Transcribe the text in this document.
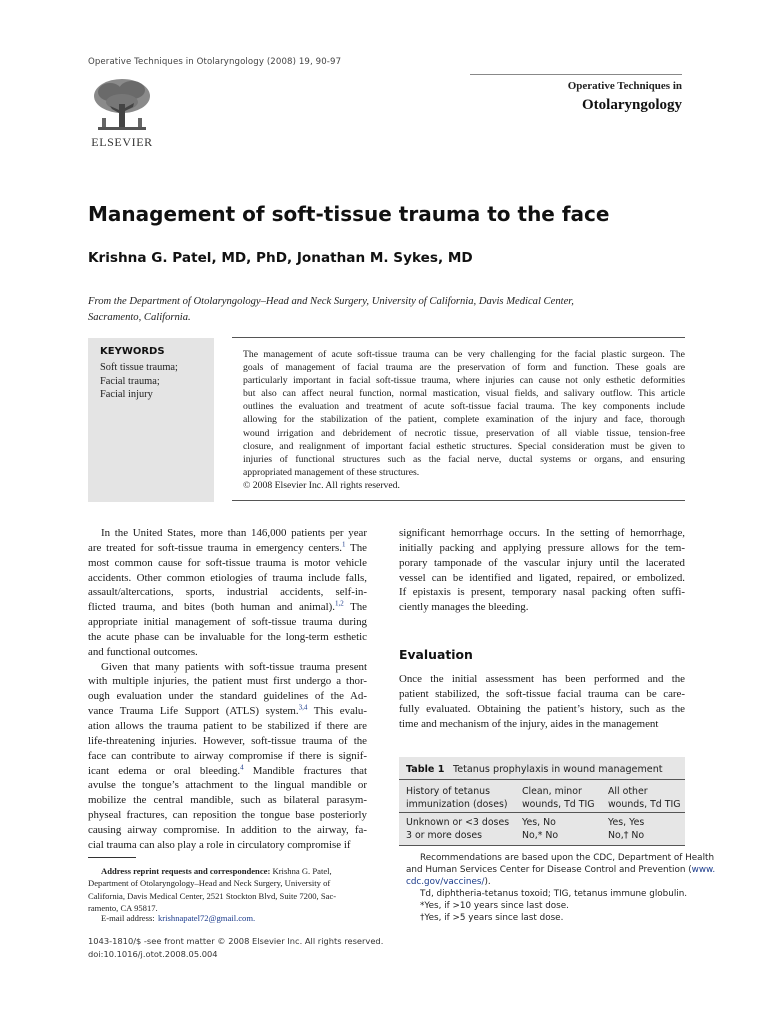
Operative Techniques in Otolaryngology (2008) 19, 90-97
ELSEVIER
Operative Techniques in
Otolaryngology
Management of soft-tissue trauma to the face
Krishna G. Patel, MD, PhD, Jonathan M. Sykes, MD
From the Department of Otolaryngology–Head and Neck Surgery, University of California, Davis Medical Center,
Sacramento, California.
KEYWORDS
Soft tissue trauma;
Facial trauma;
Facial injury
The management of acute soft-tissue trauma can be very challenging for the facial plastic surgeon. The
goals of management of facial trauma are the preservation of form and function. These goals are
particularly important in facial soft-tissue trauma, where injuries can cause not only esthetic deformities
but also can affect neural function, normal mastication, visual fields, and salivary outflow. This article
outlines the evaluation and treatment of acute soft-tissue facial trauma. The key components include
allowing for the stabilization of the patient, complete examination of the injury and face, thorough
wound irrigation and debridement of necrotic tissue, preservation of all viable tissue, tension-free
closure, and realignment of important facial esthetic structures. Special consideration must be given to
injuries of functional structures such as the facial nerve, ductal systems or organs, and ensuring
appropriated management of these structures.
© 2008 Elsevier Inc. All rights reserved.
In the United States, more than 146,000 patients per year
are treated for soft-tissue trauma in emergency centers.$^1$ The
most common cause for soft-tissue trauma is motor vehicle
accidents. Other common etiologies of trauma include falls,
assault/altercations, sports, industrial accidents, self-in-
flicted trauma, and bites (both human and animal).$^{1,2}$ The
appropriate initial management of soft-tissue trauma during
the acute phase can be invaluable for the long-term esthetic
and functional outcomes.
Given that many patients with soft-tissue trauma present
with multiple injuries, the patient must first undergo a thor-
ough evaluation under the standard guidelines of the Ad-
vance Trauma Life Support (ATLS) system.$^{3,4}$ This evalu-
ation allows the trauma patient to be stabilized if there are
life-threatening injuries. However, soft-tissue trauma of the
face can contribute to airway compromise if there is signif-
icant edema or oral bleeding.$^4$ Mandible fractures that
avulse the tongue’s attachment to the lingual mandible or
mobilize the central mandible, such as bilateral parasym-
physeal fractures, can reposition the tongue base posteriorly
causing airway compromise. In addition to the airway, fa-
cial trauma can also play a role in circulatory compromise if
significant hemorrhage occurs. In the setting of hemorrhage,
initially packing and applying pressure allows for the tem-
porary tamponade of the vascular injury until the lacerated
vessel can be identified and ligated, repaired, or embolized.
If epistaxis is present, temporary nasal packing often suffi-
ciently manages the bleeding.
Evaluation
Once the initial assessment has been performed and the
patient stabilized, the soft-tissue facial trauma can be care-
fully evaluated. Obtaining the patient’s history, such as the
time and mechanism of the injury, aides in the management
Table 1 Tetanus prophylaxis in wound management
History of tetanus
immunization (doses)
Clean, minor
wounds, Td TIG
All other
wounds, Td TIG
Unknown or <3 doses
3 or more doses
Yes, No
No,* No
Yes, Yes
No,† No
Recommendations are based upon the CDC, Department of Health
and Human Services Center for Disease Control and Prevention (www.
cdc.gov/vaccines/).
Td, diphtheria-tetanus toxoid; TIG, tetanus immune globulin.
*Yes, if >10 years since last dose.
†Yes, if >5 years since last dose.
Address reprint requests and correspondence: Krishna G. Patel,
Department of Otolaryngology–Head and Neck Surgery, University of
California, Davis Medical Center, 2521 Stockton Blvd, Suite 7200, Sac-
ramento, CA 95817.
E-mail address: krishnapatel72@gmail.com.
1043-1810/$ -see front matter © 2008 Elsevier Inc. All rights reserved.
doi:10.1016/j.otot.2008.05.004
